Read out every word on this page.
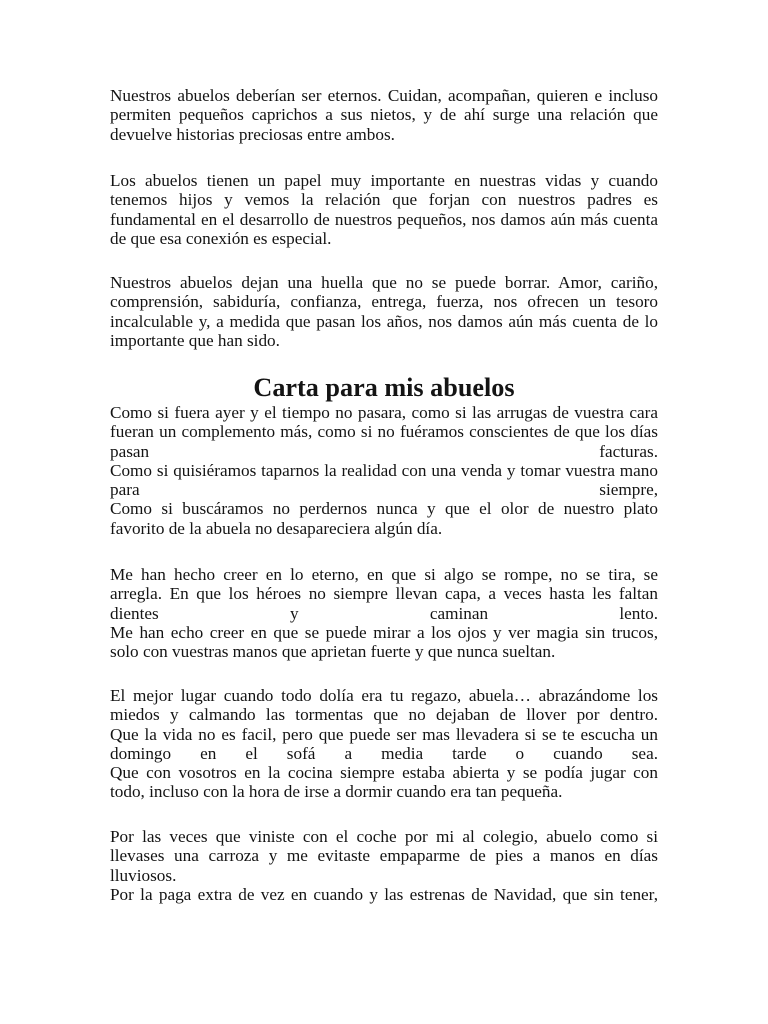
Nuestros abuelos deberían ser eternos. Cuidan, acompañan, quieren e incluso
permiten pequeños caprichos a sus nietos, y de ahí surge una relación que
devuelve historias preciosas entre ambos.
Los abuelos tienen un papel muy importante en nuestras vidas y cuando
tenemos hijos y vemos la relación que forjan con nuestros padres es
fundamental en el desarrollo de nuestros pequeños, nos damos aún más cuenta
de que esa conexión es especial.
Nuestros abuelos dejan una huella que no se puede borrar. Amor, cariño,
comprensión, sabiduría, confianza, entrega, fuerza, nos ofrecen un tesoro
incalculable y, a medida que pasan los años, nos damos aún más cuenta de lo
importante que han sido.
Carta para mis abuelos
Como si fuera ayer y el tiempo no pasara, como si las arrugas de vuestra cara
fueran un complemento más, como si no fuéramos conscientes de que los días
pasan facturas.
Como si quisiéramos taparnos la realidad con una venda y tomar vuestra mano
para siempre,
Como si buscáramos no perdernos nunca y que el olor de nuestro plato
favorito de la abuela no desapareciera algún día.
Me han hecho creer en lo eterno, en que si algo se rompe, no se tira, se
arregla. En que los héroes no siempre llevan capa, a veces hasta les faltan
dientes y caminan lento.
Me han echo creer en que se puede mirar a los ojos y ver magia sin trucos,
solo con vuestras manos que aprietan fuerte y que nunca sueltan.
El mejor lugar cuando todo dolía era tu regazo, abuela… abrazándome los
miedos y calmando las tormentas que no dejaban de llover por dentro.
Que la vida no es facil, pero que puede ser mas llevadera si se te escucha un
domingo en el sofá a media tarde o cuando sea.
Que con vosotros en la cocina siempre estaba abierta y se podía jugar con
todo, incluso con la hora de irse a dormir cuando era tan pequeña.
Por las veces que viniste con el coche por mi al colegio, abuelo como si
llevases una carroza y me evitaste empaparme de pies a manos en días
lluviosos.
Por la paga extra de vez en cuando y las estrenas de Navidad, que sin tener,
